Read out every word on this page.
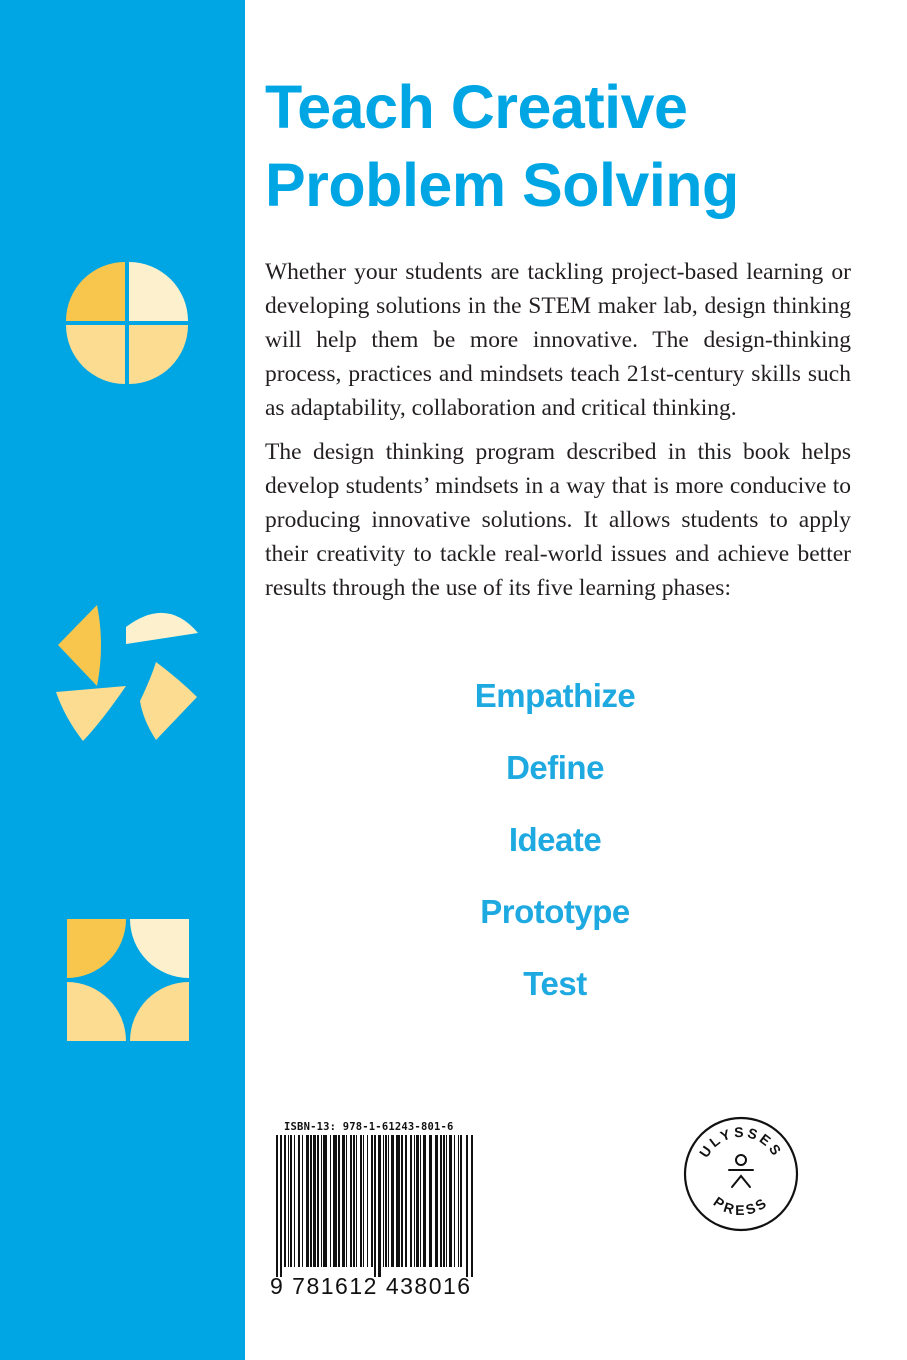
Teach Creative
Problem Solving

Whether your students are tackling project-based learning or developing solutions in the STEM maker lab, design thinking will help them be more innovative. The design-thinking process, practices and mindsets teach 21st-century skills such as adaptability, collaboration and critical thinking.

The design thinking program described in this book helps develop students’ mindsets in a way that is more conducive to producing innovative solutions. It allows students to apply their creativity to tackle real-world issues and achieve better results through the use of its five learning phases:

Empathize
Define
Ideate
Prototype
Test
ISBN-13: 978-1-61243-801-6
9 781612 438016
ULYSSES
PRESS
